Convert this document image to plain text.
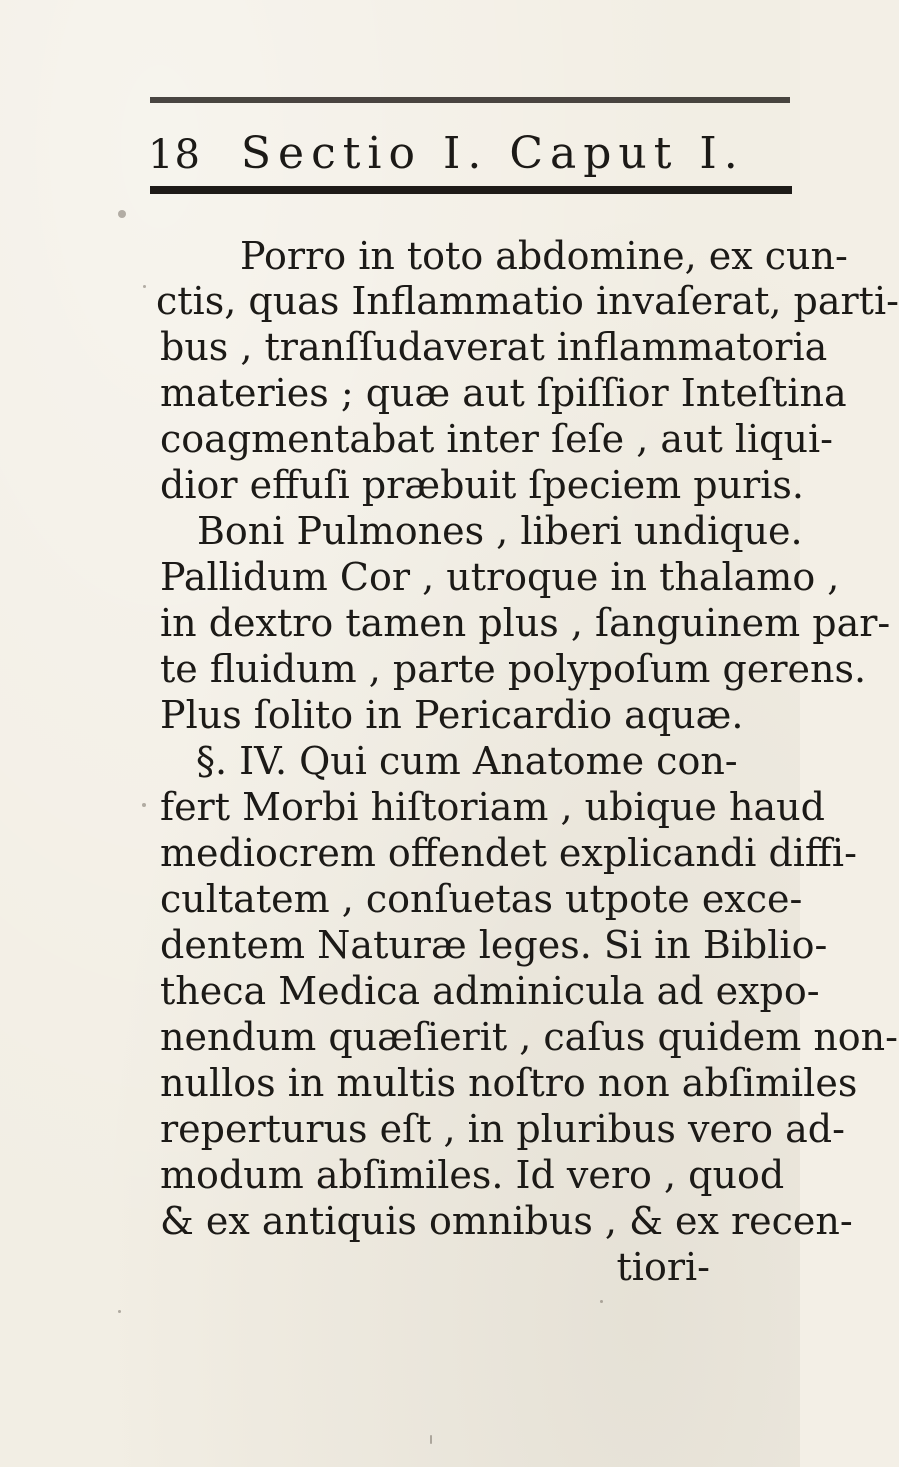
18 Sectio I. Caput I.
Porro in toto abdomine, ex cun-
ctis, quas Inflammatio invaſerat, parti-
bus , tranſſudaverat inflammatoria
materies ; quæ aut ſpiſſior Inteſtina
coagmentabat inter ſeſe , aut liqui-
dior effuſi præbuit ſpeciem puris.
Boni Pulmones , liberi undique.
Pallidum Cor , utroque in thalamo ,
in dextro tamen plus , ſanguinem par-
te fluidum , parte polypoſum gerens.
Plus ſolito in Pericardio aquæ.
§. IV. Qui cum Anatome con-
fert Morbi hiſtoriam , ubique haud
mediocrem offendet explicandi diffi-
cultatem , conſuetas utpote exce-
dentem Naturæ leges. Si in Biblio-
theca Medica adminicula ad expo-
nendum quæſierit , caſus quidem non-
nullos in multis noſtro non abſimiles
reperturus eſt , in pluribus vero ad-
modum abſimiles. Id vero , quod
& ex antiquis omnibus , & ex recen-
tiori-
